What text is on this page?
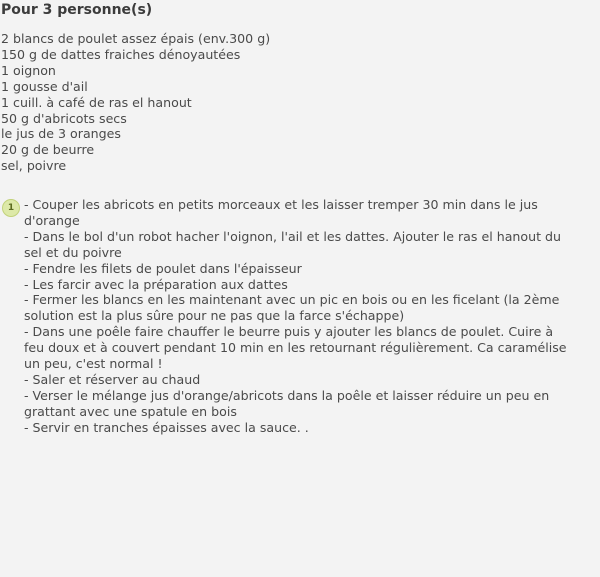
Pour 3 personne(s)
2 blancs de poulet assez épais (env.300 g)
150 g de dattes fraiches dénoyautées
1 oignon
1 gousse d'ail
1 cuill. à café de ras el hanout
50 g d'abricots secs
le jus de 3 oranges
20 g de beurre
sel, poivre
1 - Couper les abricots en petits morceaux et les laisser tremper 30 min dans le jus
d'orange
- Dans le bol d'un robot hacher l'oignon, l'ail et les dattes. Ajouter le ras el hanout du
sel et du poivre
- Fendre les filets de poulet dans l'épaisseur
- Les farcir avec la préparation aux dattes
- Fermer les blancs en les maintenant avec un pic en bois ou en les ficelant (la 2ème
solution est la plus sûre pour ne pas que la farce s'échappe)
- Dans une poêle faire chauffer le beurre puis y ajouter les blancs de poulet. Cuire à
feu doux et à couvert pendant 10 min en les retournant régulièrement. Ca caramélise
un peu, c'est normal !
- Saler et réserver au chaud
- Verser le mélange jus d'orange/abricots dans la poêle et laisser réduire un peu en
grattant avec une spatule en bois
- Servir en tranches épaisses avec la sauce. .
